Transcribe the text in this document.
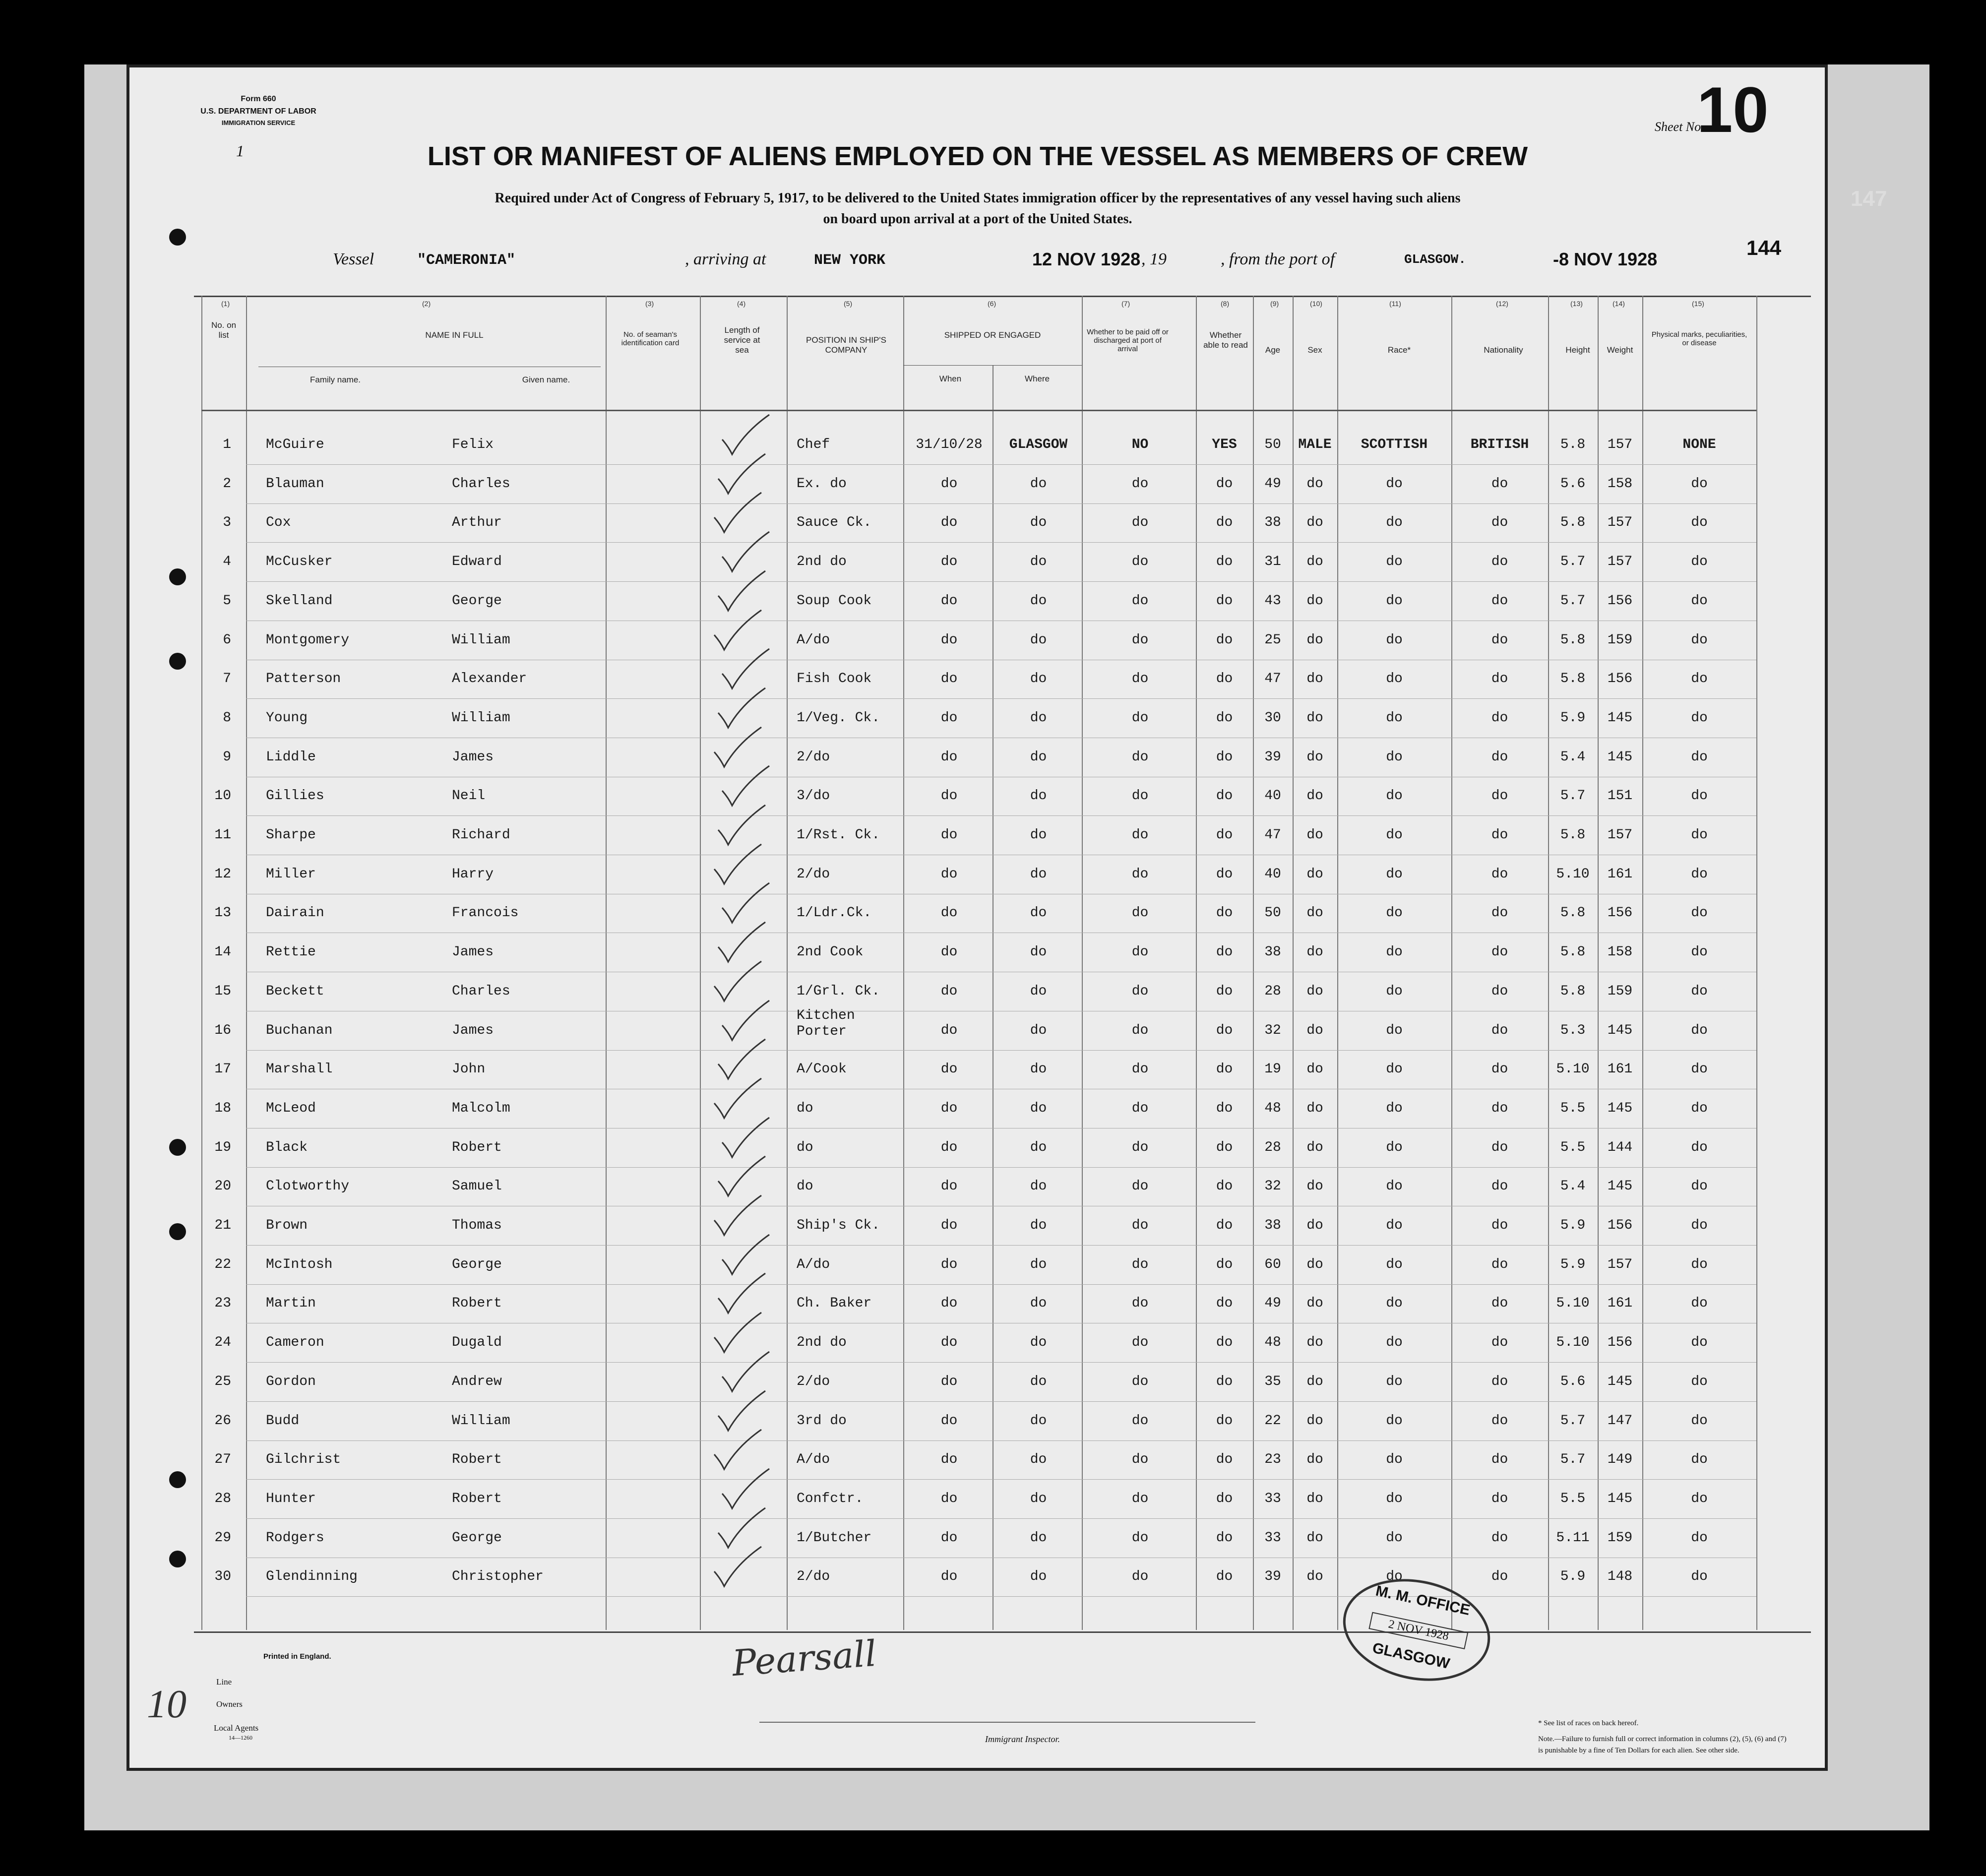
Form 660
U.S. DEPARTMENT OF LABOR
IMMIGRATION SERVICE
1	LIST OR MANIFEST OF ALIENS EMPLOYED ON THE VESSEL AS MEMBERS OF CREW
Required under Act of Congress of February 5, 1917, to be delivered to the United States immigration officer by the representatives of any vessel having such aliens
on board upon arrival at a port of the United States.
Sheet No.
10
147
144
Vessel	"CAMERONIA"	, arriving at	NEW YORK	12 NOV 1928 , 19	, from the port of	GLASGOW.	-8 NOV 1928
(1)
No. on list
(2)
NAME IN FULL
Family name.	Given name.
(3)
No. of seaman's identification card
(4)
Length of service at sea
(5)
POSITION IN SHIP'S COMPANY
(6)
SHIPPED OR ENGAGED
When	Where
(7)
Whether to be paid off or discharged at port of arrival
(8)
Whether able to read
(9)
Age
(10)
Sex
(11)
Race*
(12)
Nationality
(13)
Height
(14)
Weight
(15)
Physical marks, peculiarities, or disease
1	McGuire	Felix	Chef	31/10/28	GLASGOW	NO	YES	50	MALE	SCOTTISH	BRITISH	5.8	157	NONE
2	Blauman	Charles	Ex. do	do	do	do	do	49	do	do	do	5.6	158	do
3	Cox	Arthur	Sauce Ck.	do	do	do	do	38	do	do	do	5.8	157	do
4	McCusker	Edward	2nd do	do	do	do	do	31	do	do	do	5.7	157	do
5	Skelland	George	Soup Cook	do	do	do	do	43	do	do	do	5.7	156	do
6	Montgomery	William	A/do	do	do	do	do	25	do	do	do	5.8	159	do
7	Patterson	Alexander	Fish Cook	do	do	do	do	47	do	do	do	5.8	156	do
8	Young	William	1/Veg. Ck.	do	do	do	do	30	do	do	do	5.9	145	do
9	Liddle	James	2/do	do	do	do	do	39	do	do	do	5.4	145	do
10	Gillies	Neil	3/do	do	do	do	do	40	do	do	do	5.7	151	do
11	Sharpe	Richard	1/Rst. Ck.	do	do	do	do	47	do	do	do	5.8	157	do
12	Miller	Harry	2/do	do	do	do	do	40	do	do	do	5.10	161	do
13	Dairain	Francois	1/Ldr.Ck.	do	do	do	do	50	do	do	do	5.8	156	do
14	Rettie	James	2nd Cook	do	do	do	do	38	do	do	do	5.8	158	do
15	Beckett	Charles	1/Grl. Ck.	do	do	do	do	28	do	do	do	5.8	159	do
16	Buchanan	James
Kitchen
Porter	do	do	do	do	32	do	do	do	5.3	145	do
17	Marshall	John	A/Cook	do	do	do	do	19	do	do	do	5.10	161	do
18	McLeod	Malcolm	do	do	do	do	do	48	do	do	do	5.5	145	do
19	Black	Robert	do	do	do	do	do	28	do	do	do	5.5	144	do
20	Clotworthy	Samuel	do	do	do	do	do	32	do	do	do	5.4	145	do
21	Brown	Thomas	Ship's Ck.	do	do	do	do	38	do	do	do	5.9	156	do
22	McIntosh	George	A/do	do	do	do	do	60	do	do	do	5.9	157	do
23	Martin	Robert	Ch. Baker	do	do	do	do	49	do	do	do	5.10	161	do
24	Cameron	Dugald	2nd do	do	do	do	do	48	do	do	do	5.10	156	do
25	Gordon	Andrew	2/do	do	do	do	do	35	do	do	do	5.6	145	do
26	Budd	William	3rd do	do	do	do	do	22	do	do	do	5.7	147	do
27	Gilchrist	Robert	A/do	do	do	do	do	23	do	do	do	5.7	149	do
28	Hunter	Robert	Confctr.	do	do	do	do	33	do	do	do	5.5	145	do
29	Rodgers	George	1/Butcher	do	do	do	do	33	do	do	do	5.11	159	do
30	Glendinning	Christopher	2/do	do	do	do	do	39	do	do	do	5.9	148	do
Printed in England.
Line
Owners
Local Agents
14—1260
10
Immigrant Inspector.
Pearsall
* See list of races on back hereof.
Note.—Failure to furnish full or correct information in columns (2), (5), (6) and (7)
is punishable by a fine of Ten Dollars for each alien. See other side.
M. M. OFFICE
2 NOV 1928
GLASGOW
